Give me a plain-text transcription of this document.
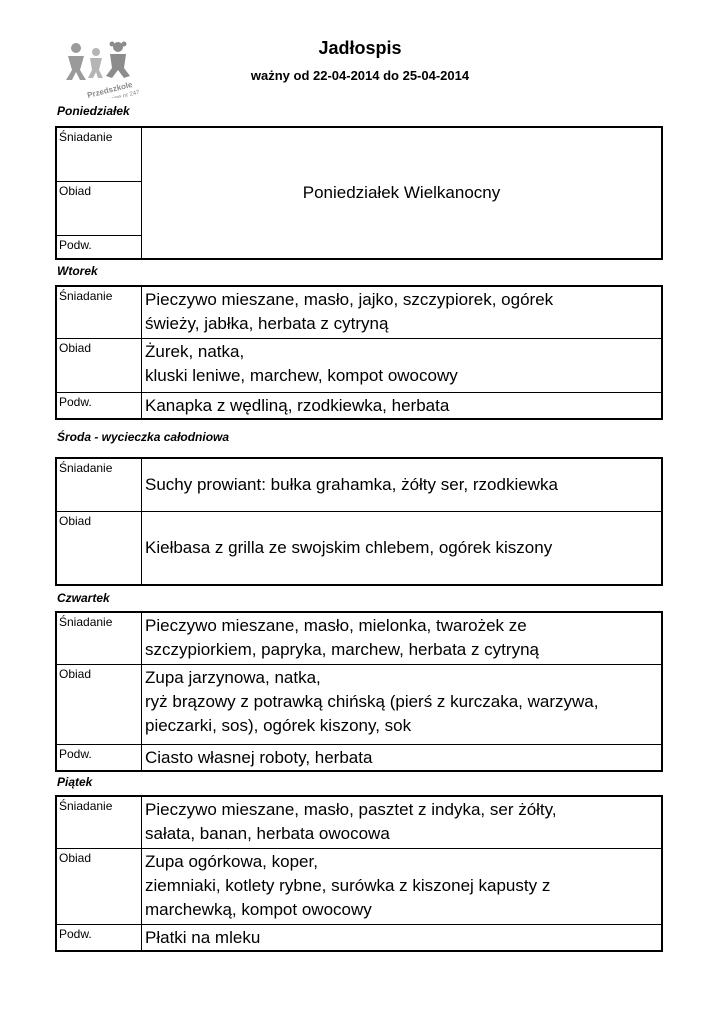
Przedszkole
Jadłospis
ważny od 22-04-2014 do 25-04-2014
Poniedziałek
Śniadanie	Poniedziałek Wielkanocny
Obiad
Podw.
Wtorek
Śniadanie	Pieczywo mieszane, masło, jajko, szczypiorek, ogórek
świeży, jabłka, herbata z cytryną

Obiad	Żurek, natka,
kluski leniwe, marchew, kompot owocowy

Podw.	Kanapka z wędliną, rzodkiewka, herbata
Środa - wycieczka całodniowa
Śniadanie	Suchy prowiant: bułka grahamka, żółty ser, rzodkiewka

Obiad	Kiełbasa z grilla ze swojskim chlebem, ogórek kiszony
Czwartek
Śniadanie	Pieczywo mieszane, masło, mielonka, twarożek ze
szczypiorkiem, papryka, marchew, herbata z cytryną

Obiad	Zupa jarzynowa, natka,
ryż brązowy z potrawką chińską (pierś z kurczaka, warzywa,
pieczarki, sos), ogórek kiszony, sok

Podw.	Ciasto własnej roboty, herbata
Piątek
Śniadanie	Pieczywo mieszane, masło, pasztet z indyka, ser żółty,
sałata, banan, herbata owocowa

Obiad	Zupa ogórkowa, koper,
ziemniaki, kotlety rybne, surówka z kiszonej kapusty z
marchewką, kompot owocowy

Podw.	Płatki na mleku
